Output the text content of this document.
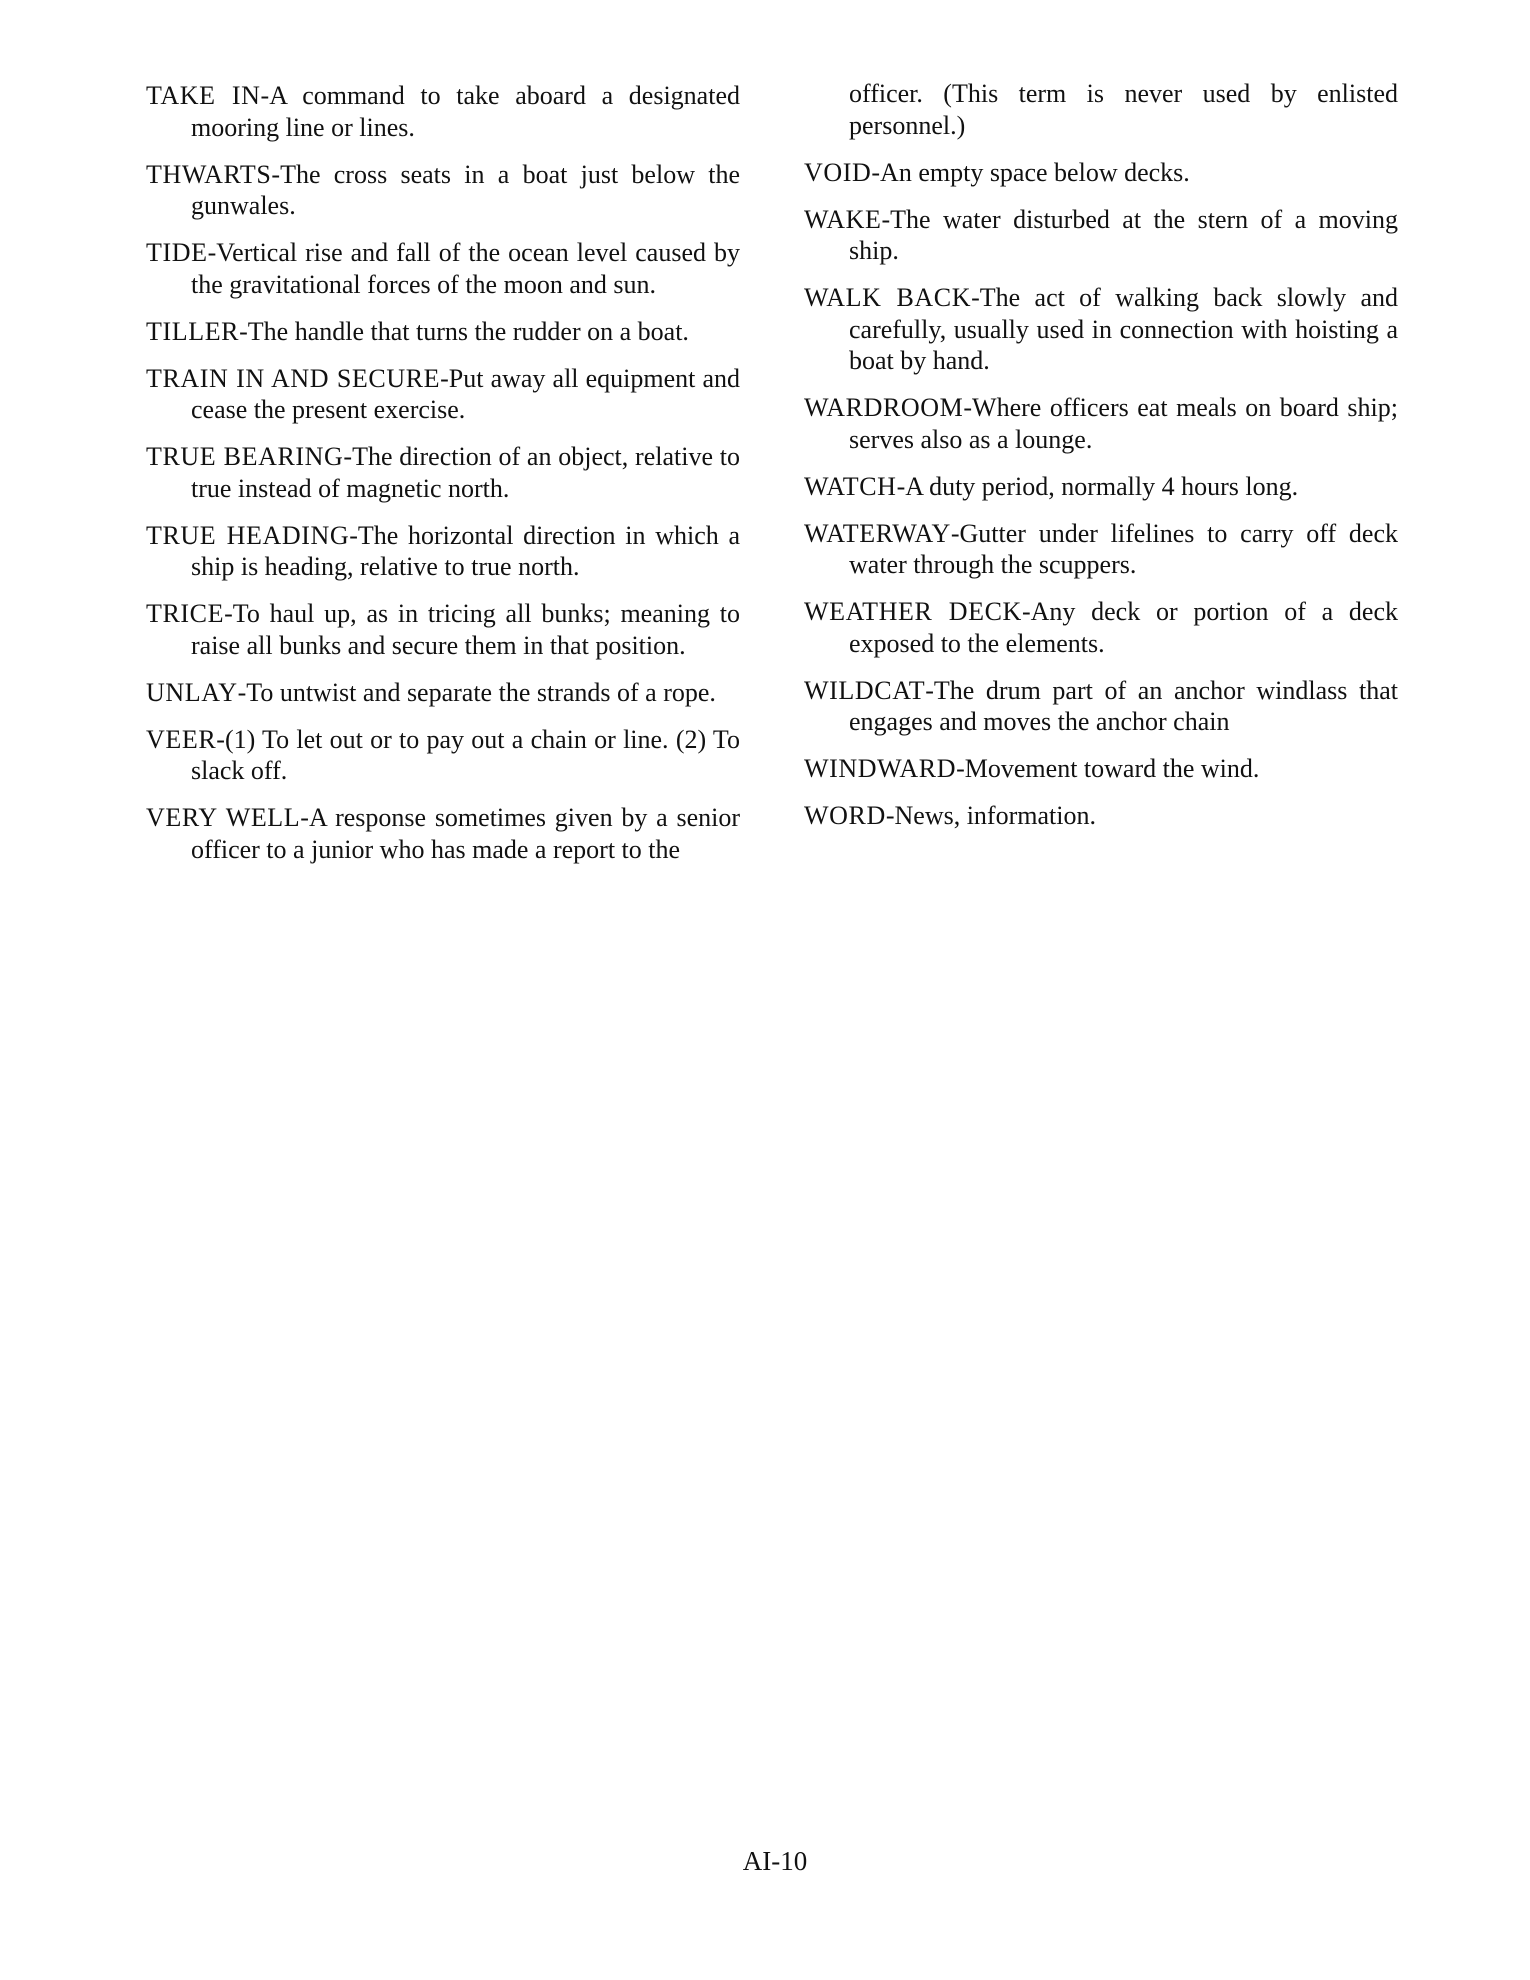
TAKE IN-A command to take aboard a designated mooring line or lines.
THWARTS-The cross seats in a boat just below the gunwales.
TIDE-Vertical rise and fall of the ocean level caused by the gravitational forces of the moon and sun.
TILLER-The handle that turns the rudder on a boat.
TRAIN IN AND SECURE-Put away all equipment and cease the present exercise.
TRUE BEARING-The direction of an object, relative to true instead of magnetic north.
TRUE HEADING-The horizontal direction in which a ship is heading, relative to true north.
TRICE-To haul up, as in tricing all bunks; meaning to raise all bunks and secure them in that position.
UNLAY-To untwist and separate the strands of a rope.
VEER-(1) To let out or to pay out a chain or line. (2) To slack off.
VERY WELL-A response sometimes given by a senior officer to a junior who has made a report to the
officer. (This term is never used by enlisted personnel.)
VOID-An empty space below decks.
WAKE-The water disturbed at the stern of a moving ship.
WALK BACK-The act of walking back slowly and carefully, usually used in connection with hoisting a boat by hand.
WARDROOM-Where officers eat meals on board ship; serves also as a lounge.
WATCH-A duty period, normally 4 hours long.
WATERWAY-Gutter under lifelines to carry off deck water through the scuppers.
WEATHER DECK-Any deck or portion of a deck exposed to the elements.
WILDCAT-The drum part of an anchor windlass that engages and moves the anchor chain
WINDWARD-Movement toward the wind.
WORD-News, information.
AI-10
